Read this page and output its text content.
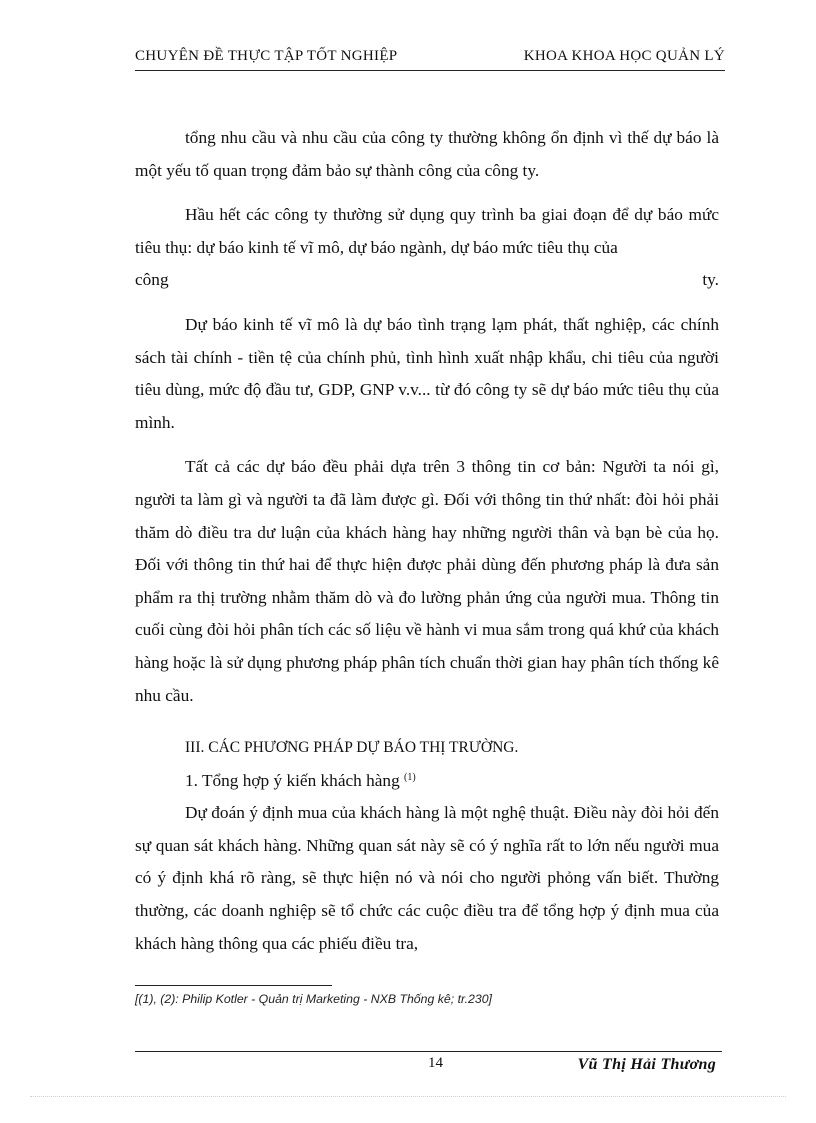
CHUYÊN ĐỀ THỰC TẬP TỐT NGHIỆP	KHOA KHOA HỌC QUẢN LÝ

tổng nhu cầu và nhu cầu của công ty thường không ổn định vì thế dự báo là một yếu tố quan trọng đảm bảo sự thành công của công ty.

Hầu hết các công ty thường sử dụng quy trình ba giai đoạn để dự báo mức tiêu thụ: dự báo kinh tế vĩ mô, dự báo ngành, dự báo mức tiêu thụ của

công	ty.

Dự báo kinh tế vĩ mô là dự báo tình trạng lạm phát, thất nghiệp, các chính sách tài chính - tiền tệ của chính phủ, tình hình xuất nhập khẩu, chi tiêu của người tiêu dùng, mức độ đầu tư, GDP, GNP v.v... từ đó công ty sẽ dự báo mức tiêu thụ của mình.

Tất cả các dự báo đều phải dựa trên 3 thông tin cơ bản: Người ta nói gì, người ta làm gì và người ta đã làm được gì. Đối với thông tin thứ nhất: đòi hỏi phải thăm dò điều tra dư luận của khách hàng hay những người thân và bạn bè của họ. Đối với thông tin thứ hai để thực hiện được phải dùng đến phương pháp là đưa sản phẩm ra thị trường nhằm thăm dò và đo lường phản ứng của người mua. Thông tin cuối cùng đòi hỏi phân tích các số liệu về hành vi mua sắm trong quá khứ của khách hàng hoặc là sử dụng phương pháp phân tích chuẩn thời gian hay phân tích thống kê nhu cầu.

III. CÁC PHƯƠNG PHÁP DỰ BÁO THỊ TRƯỜNG.

1. Tổng hợp ý kiến khách hàng $^{(1)}$

Dự đoán ý định mua của khách hàng là một nghệ thuật. Điều này đòi hỏi đến sự quan sát khách hàng. Những quan sát này sẽ có ý nghĩa rất to lớn nếu người mua có ý định khá rõ ràng, sẽ thực hiện nó và nói cho người phỏng vấn biết. Thường thường, các doanh nghiệp sẽ tổ chức các cuộc điều tra để tổng hợp ý định mua của khách hàng thông qua các phiếu điều tra,

[(1), (2): Philip Kotler - Quản trị Marketing - NXB Thống kê; tr.230]
14	Vũ Thị Hải Thương
